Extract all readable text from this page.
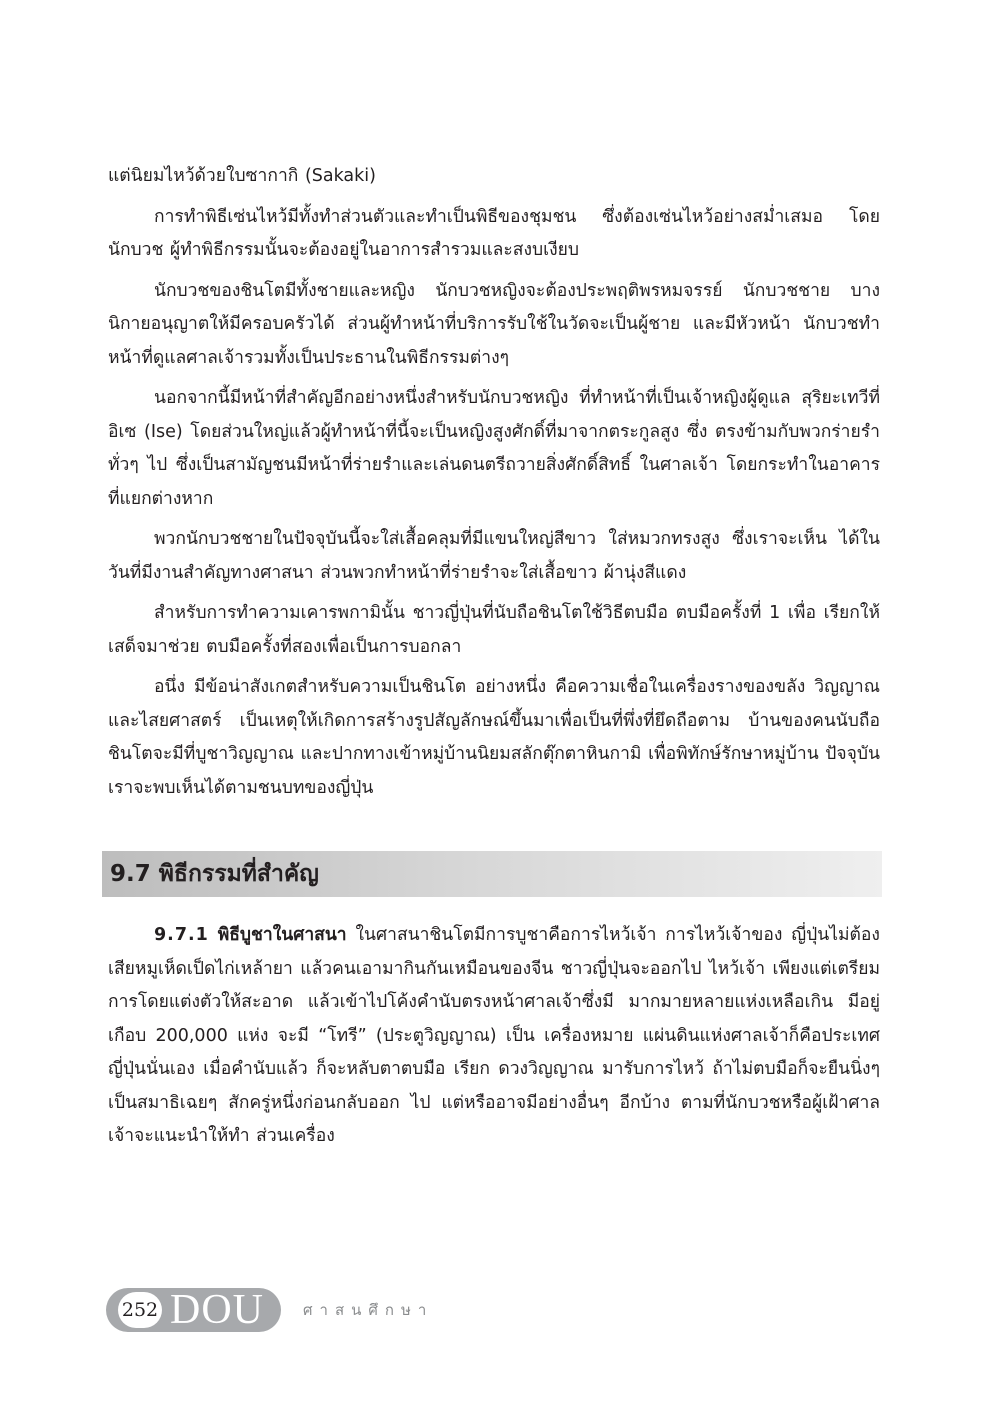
แต่นิยมไหว้ด้วยใบซากากิ (Sakaki)

การทำพิธีเซ่นไหว้มีทั้งทำส่วนตัวและทำเป็นพิธีของชุมชน ซึ่งต้องเซ่นไหว้อย่างสม่ำเสมอ โดยนักบวช ผู้ทำพิธีกรรมนั้นจะต้องอยู่ในอาการสำรวมและสงบเงียบ

นักบวชของชินโตมีทั้งชายและหญิง นักบวชหญิงจะต้องประพฤติพรหมจรรย์ นักบวชชาย บางนิกายอนุญาตให้มีครอบครัวได้ ส่วนผู้ทำหน้าที่บริการรับใช้ในวัดจะเป็นผู้ชาย และมีหัวหน้า นักบวชทำหน้าที่ดูแลศาลเจ้ารวมทั้งเป็นประธานในพิธีกรรมต่างๆ

นอกจากนี้มีหน้าที่สำคัญอีกอย่างหนึ่งสำหรับนักบวชหญิง ที่ทำหน้าที่เป็นเจ้าหญิงผู้ดูแล สุริยะเทวีที่อิเซ (Ise) โดยส่วนใหญ่แล้วผู้ทำหน้าที่นี้จะเป็นหญิงสูงศักดิ์ที่มาจากตระกูลสูง ซึ่ง ตรงข้ามกับพวกร่ายรำทั่วๆ ไป ซึ่งเป็นสามัญชนมีหน้าที่ร่ายรำและเล่นดนตรีถวายสิ่งศักดิ์สิทธิ์ ในศาลเจ้า โดยกระทำในอาคารที่แยกต่างหาก

พวกนักบวชชายในปัจจุบันนี้จะใส่เสื้อคลุมที่มีแขนใหญ่สีขาว ใส่หมวกทรงสูง ซึ่งเราจะเห็น ได้ในวันที่มีงานสำคัญทางศาสนา ส่วนพวกทำหน้าที่ร่ายรำจะใส่เสื้อขาว ผ้านุ่งสีแดง

สำหรับการทำความเคารพกามินั้น ชาวญี่ปุ่นที่นับถือชินโตใช้วิธีตบมือ ตบมือครั้งที่ 1 เพื่อ เรียกให้เสด็จมาช่วย ตบมือครั้งที่สองเพื่อเป็นการบอกลา

อนึ่ง มีข้อน่าสังเกตสำหรับความเป็นชินโต อย่างหนึ่ง คือความเชื่อในเครื่องรางของขลัง วิญญาณและไสยศาสตร์ เป็นเหตุให้เกิดการสร้างรูปสัญลักษณ์ขึ้นมาเพื่อเป็นที่พึ่งที่ยึดถือตาม บ้านของคนนับถือชินโตจะมีที่บูชาวิญญาณ และปากทางเข้าหมู่บ้านนิยมสลักตุ๊กตาหินกามิ เพื่อพิทักษ์รักษาหมู่บ้าน ปัจจุบันเราจะพบเห็นได้ตามชนบทของญี่ปุ่น

9.7 พิธีกรรมที่สำคัญ

9.7.1 พิธีบูชาในศาสนา ในศาสนาชินโตมีการบูชาคือการไหว้เจ้า การไหว้เจ้าของ ญี่ปุ่นไม่ต้องเสียหมูเห็ดเป็ดไก่เหล้ายา แล้วคนเอามากินกันเหมือนของจีน ชาวญี่ปุ่นจะออกไป ไหว้เจ้า เพียงแต่เตรียมการโดยแต่งตัวให้สะอาด แล้วเข้าไปโค้งคำนับตรงหน้าศาลเจ้าซึ่งมี มากมายหลายแห่งเหลือเกิน มีอยู่เกือบ 200,000 แห่ง จะมี “โทรี” (ประตูวิญญาณ) เป็น เครื่องหมาย แผ่นดินแห่งศาลเจ้าก็คือประเทศญี่ปุ่นนั่นเอง เมื่อคำนับแล้ว ก็จะหลับตาตบมือ เรียก ดวงวิญญาณ มารับการไหว้ ถ้าไม่ตบมือก็จะยืนนิ่งๆ เป็นสมาธิเฉยๆ สักครู่หนึ่งก่อนกลับออก ไป แต่หรืออาจมีอย่างอื่นๆ อีกบ้าง ตามที่นักบวชหรือผู้เฝ้าศาลเจ้าจะแนะนำให้ทำ ส่วนเครื่อง

252 DOU	ศาสนศึกษา
